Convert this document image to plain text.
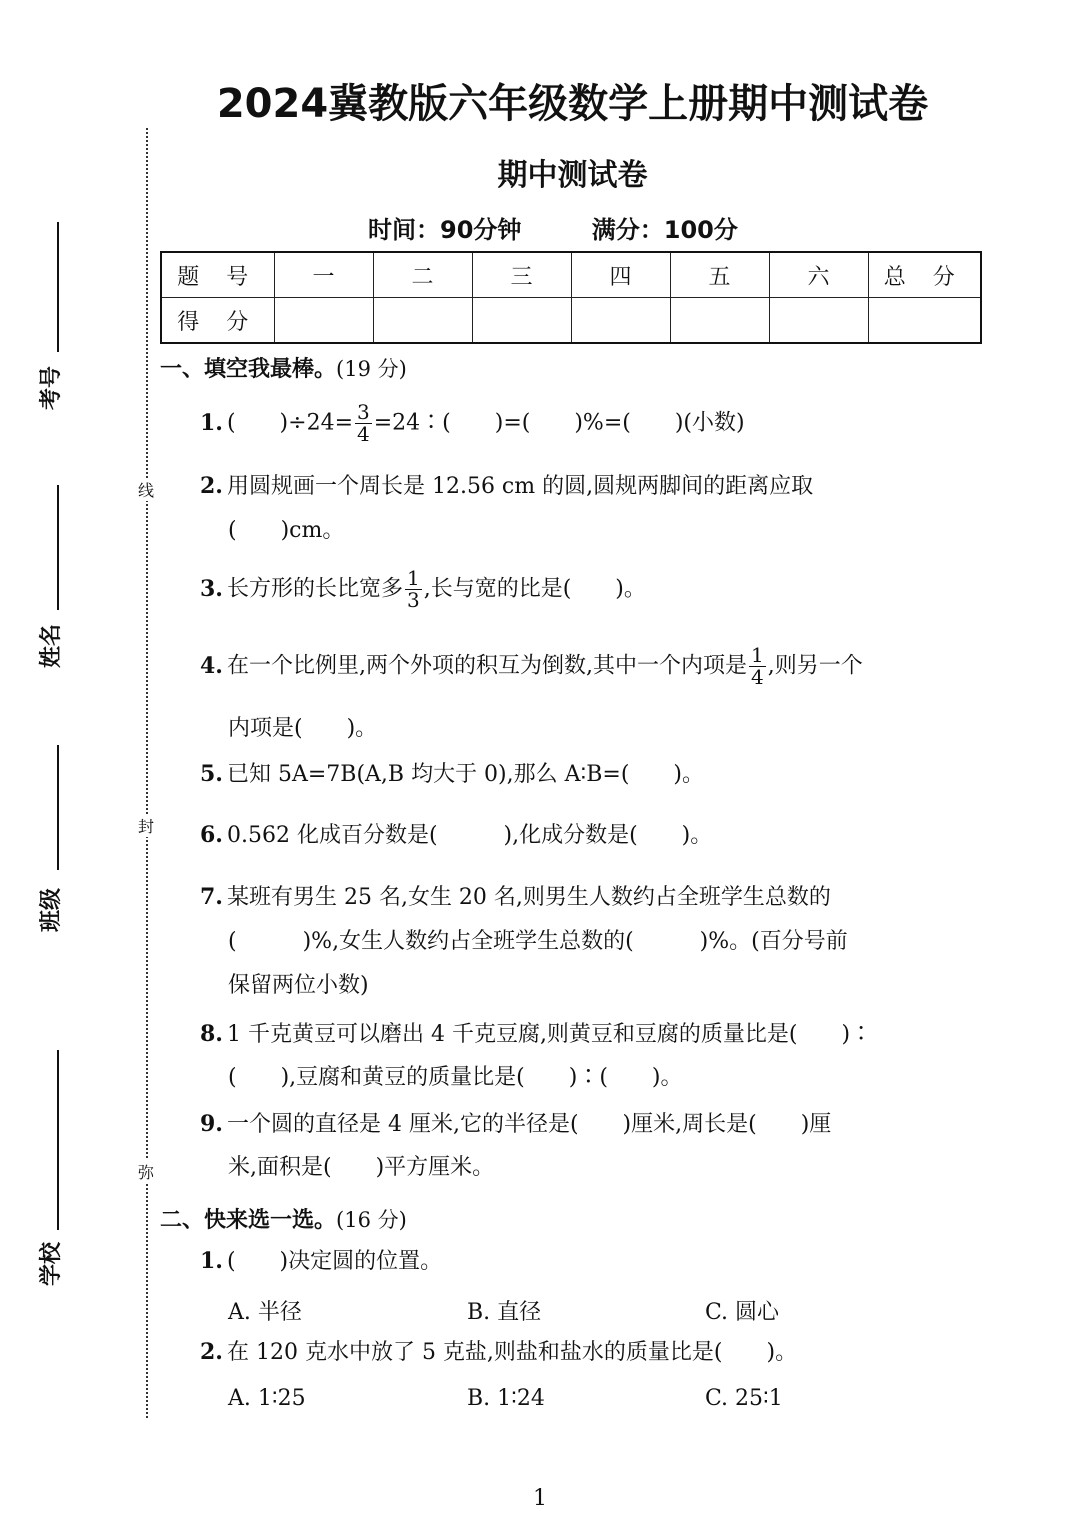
线
封
弥
考号
姓名
班级
学校
2024冀教版六年级数学上册期中测试卷
期中测试卷
时间：90分钟	满分：100分
题 号	一	二	三	四	五	六	总 分
得 分							
一、填空我最棒。(19 分)
1. (　　)$\div 24= \frac{3}{4}$ =24∶(　　)=(　　)%=(　　)(小数)
2. 用圆规画一个周长是 12.56 cm 的圆,圆规两脚间的距离应取
(　　)cm。
3. 长方形的长比宽多 $\frac{1}{3}$ ,长与宽的比是(　　)。
4. 在一个比例里,两个外项的积互为倒数,其中一个内项是 $\frac{1}{4}$ ,则另一个
内项是(　　)。
5. 已知 5A=7B(A,B 均大于 0),那么 A∶B=(　　)。
6. 0.562 化成百分数是(　　　),化成分数是(　　)。
7. 某班有男生 25 名,女生 20 名,则男生人数约占全班学生总数的
(　　　)%,女生人数约占全班学生总数的(　　　)%。(百分号前
保留两位小数)
8. 1 千克黄豆可以磨出 4 千克豆腐,则黄豆和豆腐的质量比是(　　)∶
(　　),豆腐和黄豆的质量比是(　　)∶(　　)。
9. 一个圆的直径是 4 厘米,它的半径是(　　)厘米,周长是(　　)厘
米,面积是(　　)平方厘米。
二、快来选一选。(16 分)
1. (　　)决定圆的位置。
A. 半径	B. 直径	C. 圆心
2. 在 120 克水中放了 5 克盐,则盐和盐水的质量比是(　　)。
A. 1∶25	B. 1∶24	C. 25∶1
1
